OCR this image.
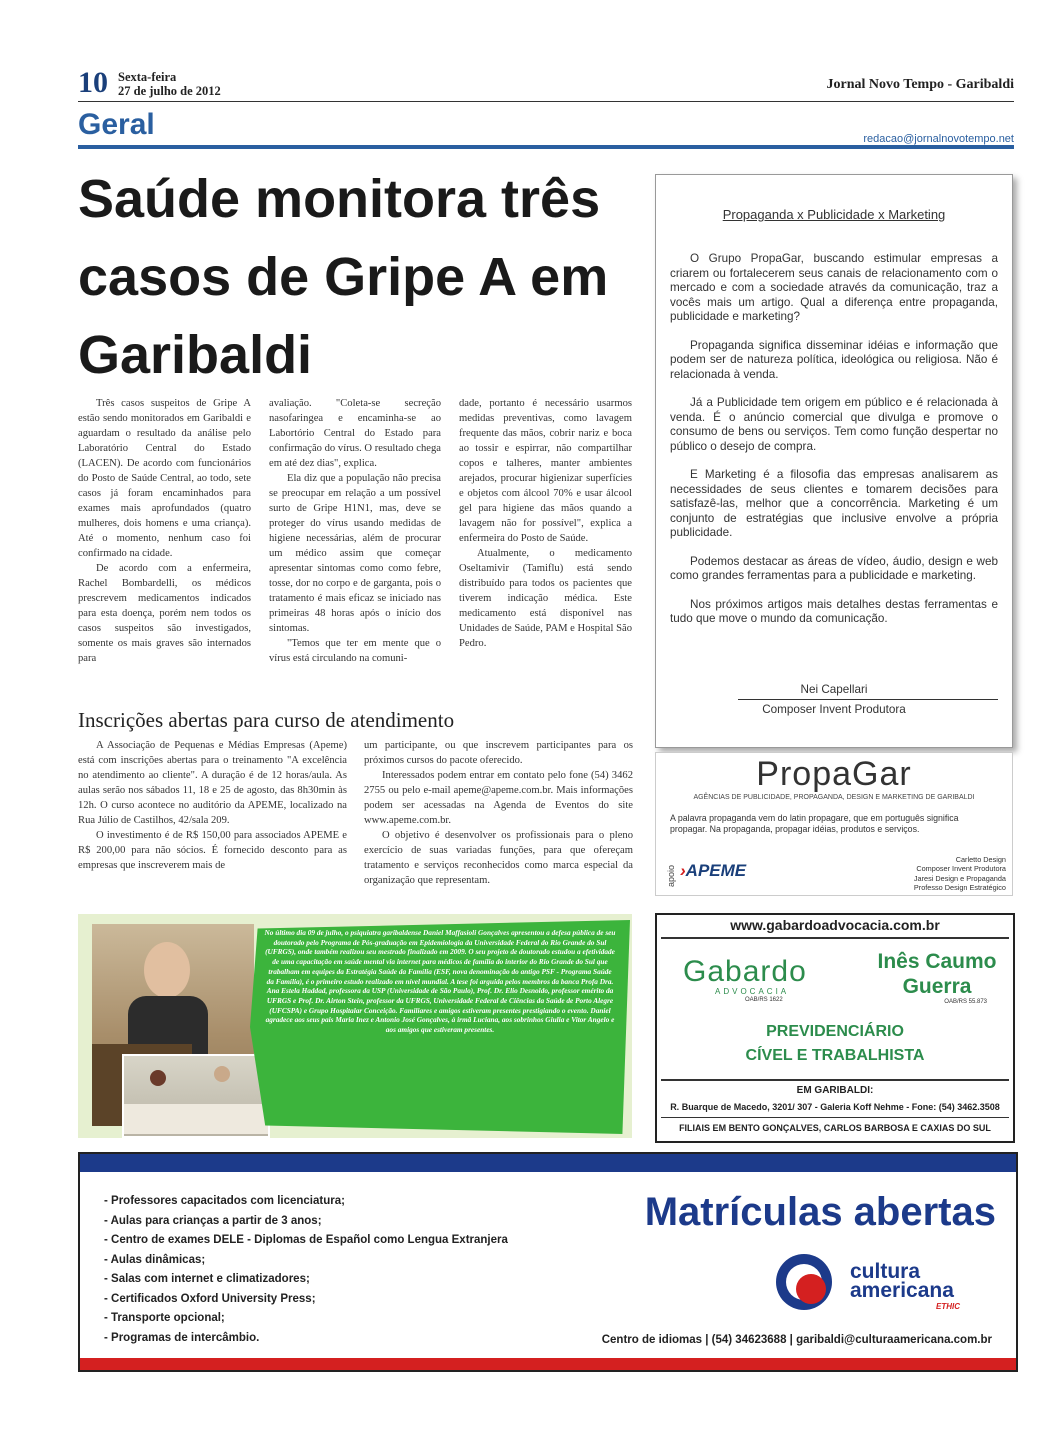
10 Sexta-feira
27 de julho de 2012	Jornal Novo Tempo - Garibaldi
Geral	redacao@jornalnovotempo.net
Saúde monitora três casos de Gripe A em Garibaldi

Três casos suspeitos de Gripe A estão sendo monitorados em Garibaldi e aguardam o resultado da análise pelo Laboratório Central do Estado (LACEN). De acordo com funcionários do Posto de Saúde Central, ao todo, sete casos já foram encaminhados para exames mais aprofundados (quatro mulheres, dois homens e uma criança). Até o momento, nenhum caso foi confirmado na cidade.

De acordo com a enfermeira, Rachel Bombardelli, os médicos prescrevem medicamentos indicados para esta doença, porém nem todos os casos suspeitos são investigados, somente os mais graves são internados para

avaliação. "Coleta-se secreção nasofaringea e encaminha-se ao Labortório Central do Estado para confirmação do vírus. O resultado chega em até dez dias", explica.

Ela diz que a população não precisa se preocupar em relação a um possível surto de Gripe H1N1, mas, deve se proteger do vírus usando medidas de higiene necessárias, além de procurar um médico assim que começar apresentar sintomas como como febre, tosse, dor no corpo e de garganta, pois o tratamento é mais eficaz se iniciado nas primeiras 48 horas após o início dos sintomas.

"Temos que ter em mente que o vírus está circulando na comuni-

dade, portanto é necessário usarmos medidas preventivas, como lavagem frequente das mãos, cobrir nariz e boca ao tossir e espirrar, não compartilhar copos e talheres, manter ambientes arejados, procurar higienizar superfícies e objetos com álcool 70% e usar álcool gel para higiene das mãos quando a lavagem não for possível", explica a enfermeira do Posto de Saúde.

Atualmente, o medicamento Oseltamivir (Tamiflu) está sendo distribuído para todos os pacientes que tiverem indicação médica. Este medicamento está disponível nas Unidades de Saúde, PAM e Hospital São Pedro.

Inscrições abertas para curso de atendimento

A Associação de Pequenas e Médias Empresas (Apeme) está com inscrições abertas para o treinamento "A excelência no atendimento ao cliente". A duração é de 12 horas/aula. As aulas serão nos sábados 11, 18 e 25 de agosto, das 8h30min às 12h. O curso acontece no auditório da APEME, localizado na Rua Júlio de Castilhos, 42/sala 209.

O investimento é de R$ 150,00 para associados APEME e R$ 200,00 para não sócios. É fornecido desconto para as empresas que inscreverem mais de

um participante, ou que inscrevem participantes para os próximos cursos do pacote oferecido.

Interessados podem entrar em contato pelo fone (54) 3462 2755 ou pelo e-mail apeme@apeme.com.br. Mais informações podem ser acessadas na Agenda de Eventos do site www.apeme.com.br.

O objetivo é desenvolver os profissionais para o pleno exercício de suas variadas funções, para que ofereçam tratamento e serviços reconhecidos como marca especial da organização que representam.

Propaganda x Publicidade x Marketing

O Grupo PropaGar, buscando estimular empresas a criarem ou fortalecerem seus canais de relacionamento com o mercado e com a sociedade através da comunicação, traz a vocês mais um artigo. Qual a diferença entre propaganda, publicidade e marketing?

Propaganda significa disseminar idéias e informação que podem ser de natureza política, ideológica ou religiosa. Não é relacionada à venda.

Já a Publicidade tem origem em público e é relacionada à venda. É o anúncio comercial que divulga e promove o consumo de bens ou serviços. Tem como função despertar no público o desejo de compra.

E Marketing é a filosofia das empresas analisarem as necessidades de seus clientes e tomarem decisões para satisfazê-las, melhor que a concorrência. Marketing é um conjunto de estratégias que inclusive envolve a própria publicidade.

Podemos destacar as áreas de vídeo, áudio, design e web como grandes ferramentas para a publicidade e marketing.

Nos próximos artigos mais detalhes destas ferramentas e tudo que move o mundo da comunicação.

Nei Capellari
Composer Invent Produtora
PropaGar
AGÊNCIAS DE PUBLICIDADE, PROPAGANDA, DESIGN E MARKETING DE GARIBALDI
A palavra propaganda vem do latin propagare, que em português significa propagar. Na propaganda, propagar idéias, produtos e serviços.
apoio ›APEME
Carletto Design
Composer Invent Produtora
Jaresi Design e Propaganda
Professo Design Estratégico
No último dia 09 de julho, o psiquiatra garibaldense Daniel Maffasioli Gonçalves apresentou a defesa pública de seu doutorado pelo Programa de Pós-graduação em Epidemiologia da Universidade Federal do Rio Grande do Sul (UFRGS), onde também realizou seu mestrado finalizado em 2009. O seu projeto de doutorado estudou a efetividade de uma capacitação em saúde mental via internet para médicos de família do interior do Rio Grande do Sul que trabalham em equipes da Estratégia Saúde da Família (ESF, nova denominação do antigo PSF - Programa Saúde da Família), é o primeiro estudo realizado em nível mundial. A tese foi arguida pelos membros da banca Profa Dra. Ana Estela Haddad, professora da USP (Universidade de São Paulo), Prof. Dr. Elio Desnoldo, professor emérito da UFRGS e Prof. Dr. Airton Stein, professor da UFRGS, Universidade Federal de Ciências da Saúde de Porto Alegre (UFCSPA) e Grupo Hospitalar Conceição. Familiares e amigos estiveram presentes prestigiando o evento. Daniel agradece aos seus pais Maria Inez e Antonio José Gonçalves, à irmã Luciana, aos sobrinhos Giulia e Vitor Angelo e aos amigos que estiveram presentes.
www.gabardoadvocacia.com.br
Gabardo
ADVOCACIA
OAB/RS 1622
Inês Caumo Guerra
OAB/RS 55.873
PREVIDENCIÁRIO
CÍVEL E TRABALHISTA
EM GARIBALDI:
R. Buarque de Macedo, 3201/ 307 - Galeria Koff Nehme - Fone: (54) 3462.3508
FILIAIS EM BENTO GONÇALVES, CARLOS BARBOSA E CAXIAS DO SUL
- Professores capacitados com licenciatura;
- Aulas para crianças a partir de 3 anos;
- Centro de exames DELE - Diplomas de Español como Lengua Extranjera
- Aulas dinâmicas;
- Salas com internet e climatizadores;
- Certificados Oxford University Press;
- Transporte opcional;
- Programas de intercâmbio.
Matrículas abertas
cultura
americana
ETHIC
Centro de idiomas | (54) 34623688 | garibaldi@culturaamericana.com.br
